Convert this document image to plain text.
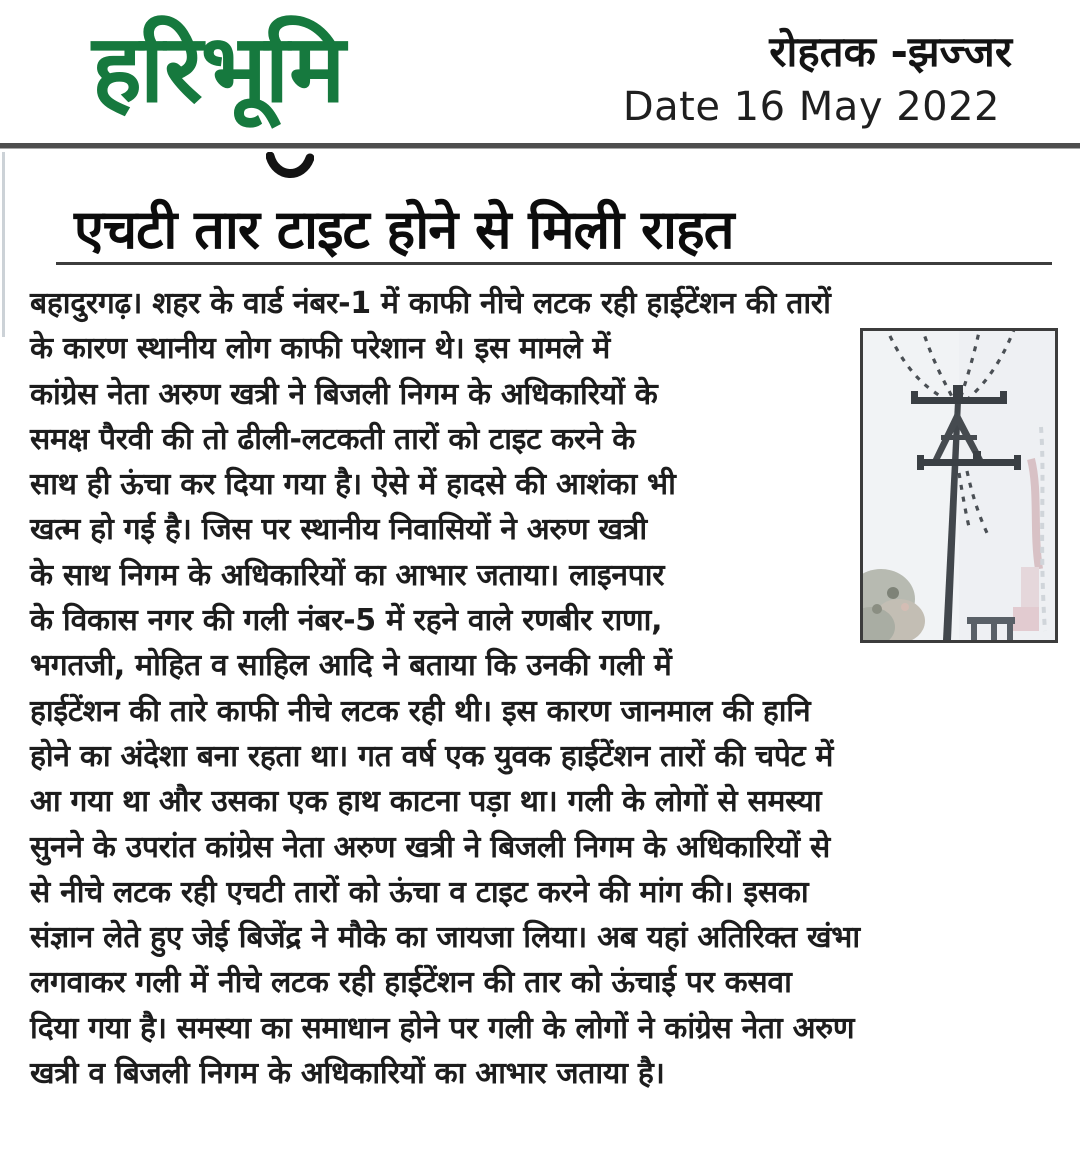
हरिभूमि	रोहतक -झज्जर
Date 16 May 2022
एचटी तार टाइट होने से मिली राहत
बहादुरगढ़। शहर के वार्ड नंबर-1 में काफी नीचे लटक रही हाईटेंशन की तारों
के कारण स्थानीय लोग काफी परेशान थे। इस मामले में
कांग्रेस नेता अरुण खत्री ने बिजली निगम के अधिकारियों के
समक्ष पैरवी की तो ढीली-लटकती तारों को टाइट करने के
साथ ही ऊंचा कर दिया गया है। ऐसे में हादसे की आशंका भी
खत्म हो गई है। जिस पर स्थानीय निवासियों ने अरुण खत्री
के साथ निगम के अधिकारियों का आभार जताया। लाइनपार
के विकास नगर की गली नंबर-5 में रहने वाले रणबीर राणा,
भगतजी, मोहित व साहिल आदि ने बताया कि उनकी गली में
हाईटेंशन की तारे काफी नीचे लटक रही थी। इस कारण जानमाल की हानि
होने का अंदेशा बना रहता था। गत वर्ष एक युवक हाईटेंशन तारों की चपेट में
आ गया था और उसका एक हाथ काटना पड़ा था। गली के लोगों से समस्या
सुनने के उपरांत कांग्रेस नेता अरुण खत्री ने बिजली निगम के अधिकारियों से
से नीचे लटक रही एचटी तारों को ऊंचा व टाइट करने की मांग की। इसका
संज्ञान लेते हुए जेई बिजेंद्र ने मौके का जायजा लिया। अब यहां अतिरिक्त खंभा
लगवाकर गली में नीचे लटक रही हाईटेंशन की तार को ऊंचाई पर कसवा
दिया गया है। समस्या का समाधान होने पर गली के लोगों ने कांग्रेस नेता अरुण
खत्री व बिजली निगम के अधिकारियों का आभार जताया है।
